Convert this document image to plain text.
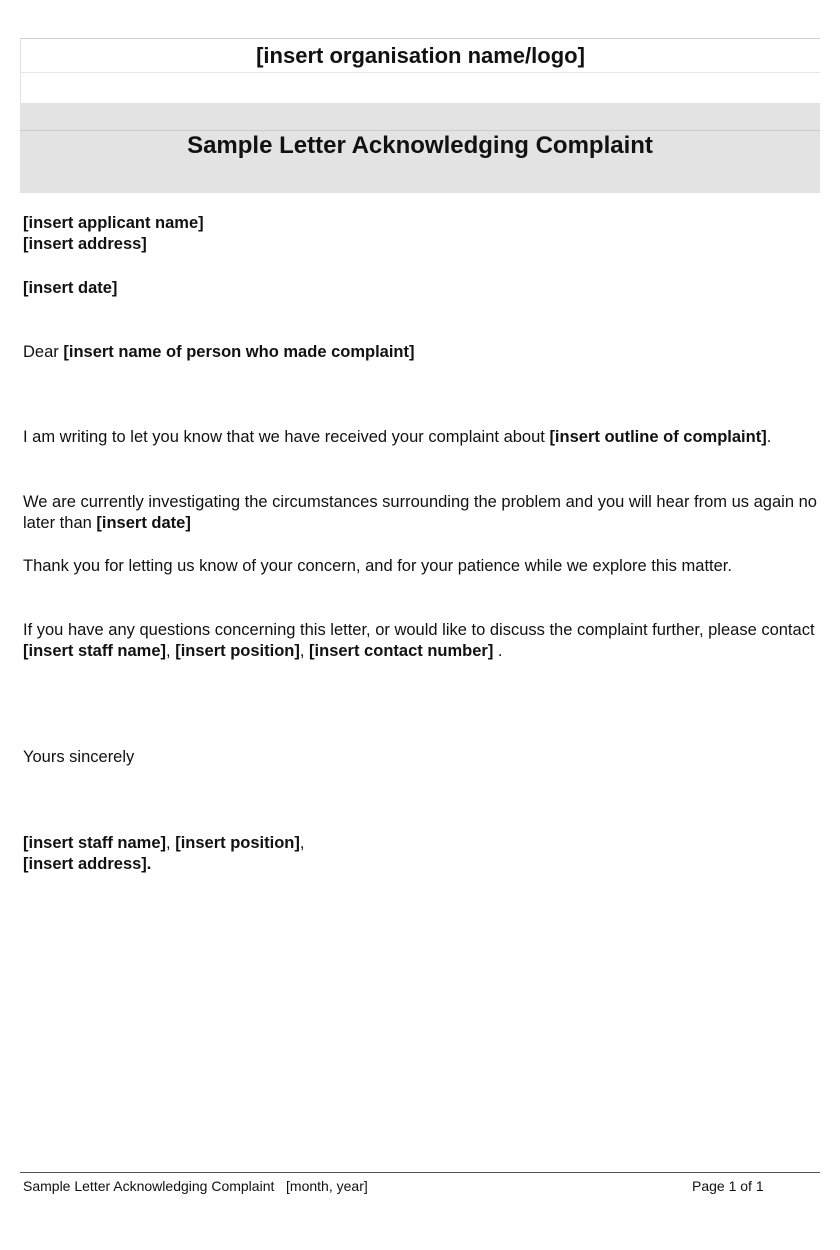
[insert organisation name/logo]
Sample Letter Acknowledging Complaint
[insert applicant name]
[insert address]
[insert date]
Dear [insert name of person who made complaint]
I am writing to let you know that we have received your complaint about [insert outline of complaint].
We are currently investigating the circumstances surrounding the problem and you will hear from us again no later than [insert date]
Thank you for letting us know of your concern, and for your patience while we explore this matter.
If you have any questions concerning this letter, or would like to discuss the complaint further, please contact
[insert staff name], [insert position], [insert contact number] .
Yours sincerely
[insert staff name], [insert position],
[insert address].
Sample Letter Acknowledging Complaint [month, year]	Page 1 of 1
